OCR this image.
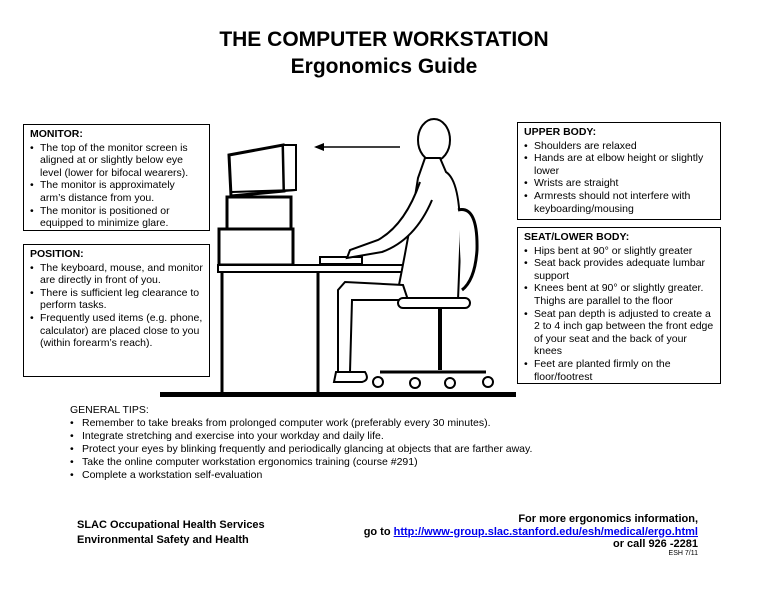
THE COMPUTER WORKSTATION
Ergonomics Guide
MONITOR:
• The top of the monitor screen is aligned at or slightly below eye level (lower for bifocal wearers).
• The monitor is approximately arm’s distance from you.
• The monitor is positioned or equipped to minimize glare.
POSITION:
• The keyboard, mouse, and monitor are directly in front of you.
• There is sufficient leg clearance to perform tasks.
• Frequently used items (e.g. phone, calculator) are placed close to you (within forearm’s reach).
UPPER BODY:
• Shoulders are relaxed
• Hands are at elbow height or slightly lower
• Wrists are straight
• Armrests should not interfere with keyboarding/mousing
SEAT/LOWER BODY:
• Hips bent at 90° or slightly greater
• Seat back provides adequate lumbar support
• Knees bent at 90° or slightly greater. Thighs are parallel to the floor
• Seat pan depth is adjusted to create a 2 to 4 inch gap between the front edge of your seat and the back of your knees
• Feet are planted firmly on the floor/footrest
GENERAL TIPS:
• Remember to take breaks from prolonged computer work (preferably every 30 minutes).
• Integrate stretching and exercise into your workday and daily life.
• Protect your eyes by blinking frequently and periodically glancing at objects that are farther away.
• Take the online computer workstation ergonomics training (course #291)
• Complete a workstation self-evaluation
SLAC Occupational Health Services
Environmental Safety and Health
For more ergonomics information,
go to http://www-group.slac.stanford.edu/esh/medical/ergo.html
or call 926 -2281
ESH 7/11
